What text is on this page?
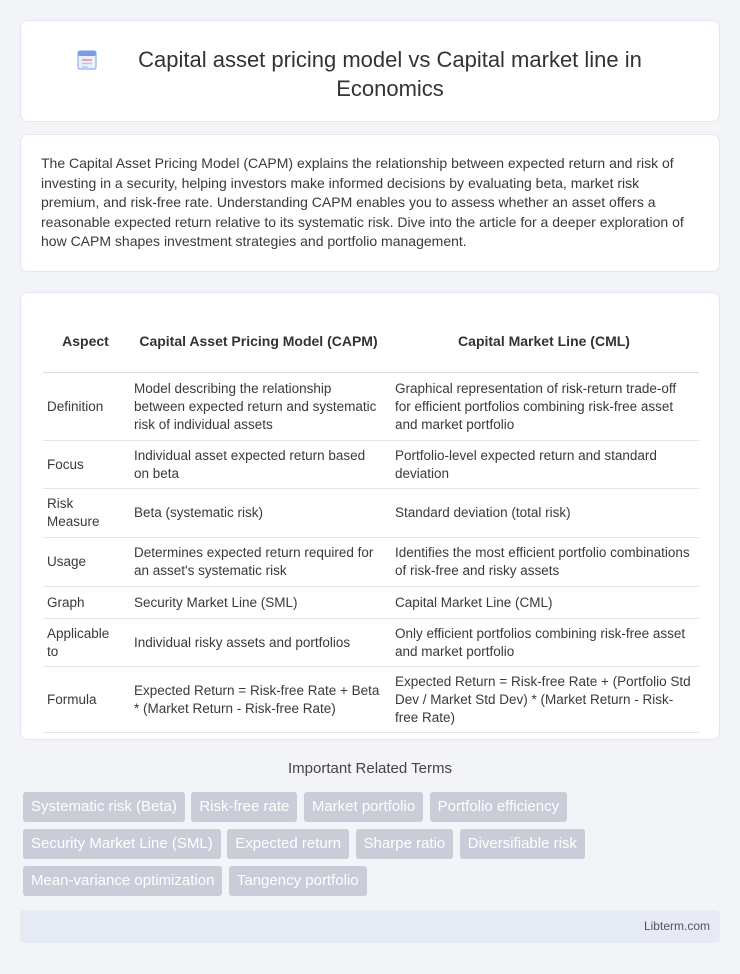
Capital asset pricing model vs Capital market line in Economics

The Capital Asset Pricing Model (CAPM) explains the relationship between expected return and risk of investing in a security, helping investors make informed decisions by evaluating beta, market risk premium, and risk-free rate. Understanding CAPM enables you to assess whether an asset offers a reasonable expected return relative to its systematic risk. Dive into the article for a deeper exploration of how CAPM shapes investment strategies and portfolio management.

Aspect	Capital Asset Pricing Model (CAPM)	Capital Market Line (CML)
Definition	Model describing the relationship between expected return and systematic risk of individual assets	Graphical representation of risk-return trade-off for efficient portfolios combining risk-free asset and market portfolio
Focus	Individual asset expected return based on beta	Portfolio-level expected return and standard deviation
Risk Measure	Beta (systematic risk)	Standard deviation (total risk)
Usage	Determines expected return required for an asset's systematic risk	Identifies the most efficient portfolio combinations of risk-free and risky assets
Graph	Security Market Line (SML)	Capital Market Line (CML)
Applicable to	Individual risky assets and portfolios	Only efficient portfolios combining risk-free asset and market portfolio
Formula	Expected Return = Risk-free Rate + Beta * (Market Return - Risk-free Rate)	Expected Return = Risk-free Rate + (Portfolio Std Dev / Market Std Dev) * (Market Return - Risk-free Rate)
Important Related Terms
Systematic risk (Beta) Risk-free rate Market portfolio Portfolio efficiency Security Market Line (SML) Expected return Sharpe ratio Diversifiable risk Mean-variance optimization Tangency portfolio
Libterm.com
